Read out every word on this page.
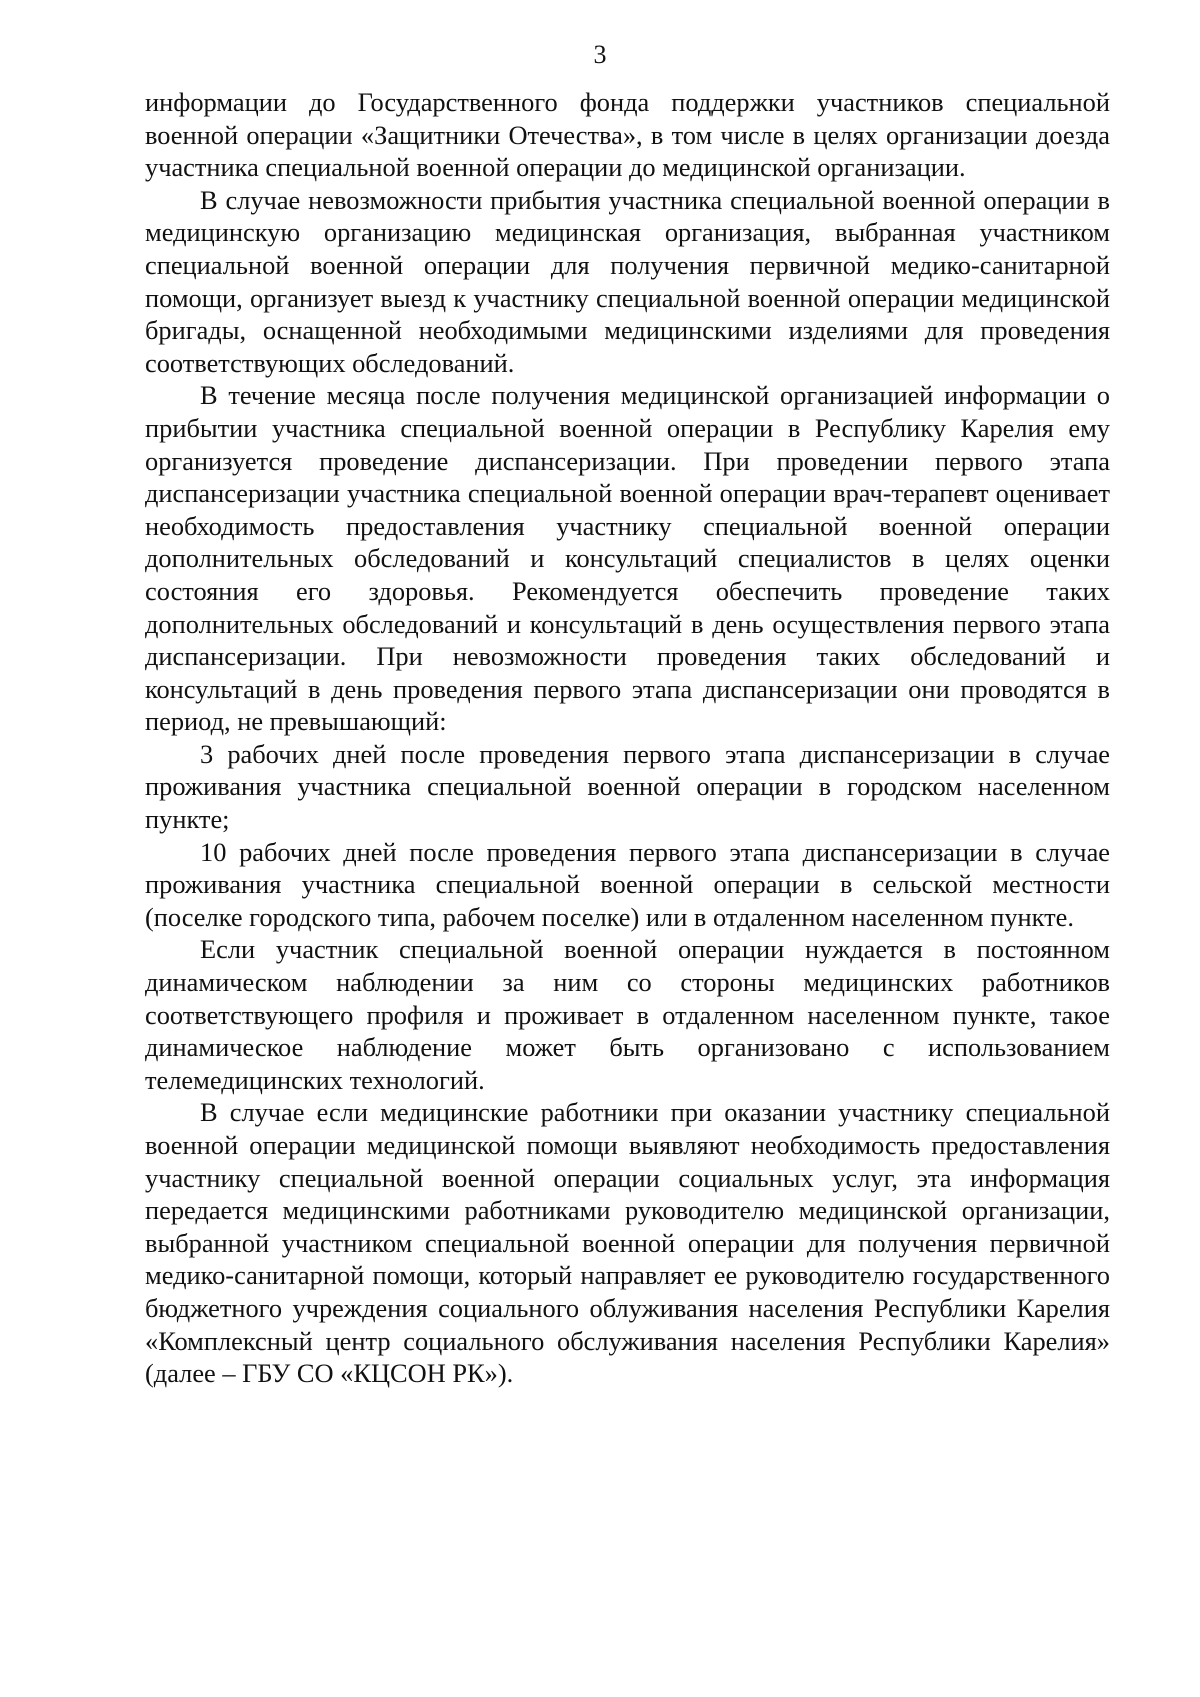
3

информации до Государственного фонда поддержки участников специальной военной операции «Защитники Отечества», в том числе в целях организации доезда участника специальной военной операции до медицинской организации.

В случае невозможности прибытия участника специальной военной операции в медицинскую организацию медицинская организация, выбранная участником специальной военной операции для получения первичной медико-санитарной помощи, организует выезд к участнику специальной военной операции медицинской бригады, оснащенной необходимыми медицинскими изделиями для проведения соответствующих обследований.

В течение месяца после получения медицинской организацией информации о прибытии участника специальной военной операции в Республику Карелия ему организуется проведение диспансеризации. При проведении первого этапа диспансеризации участника специальной военной операции врач-терапевт оценивает необходимость предоставления участнику специальной военной операции дополнительных обследований и консультаций специалистов в целях оценки состояния его здоровья. Рекомендуется обеспечить проведение таких дополнительных обследований и консультаций в день осуществления первого этапа диспансеризации. При невозможности проведения таких обследований и консультаций в день проведения первого этапа диспансеризации они проводятся в период, не превышающий:

3 рабочих дней после проведения первого этапа диспансеризации в случае проживания участника специальной военной операции в городском населенном пункте;

10 рабочих дней после проведения первого этапа диспансеризации в случае проживания участника специальной военной операции в сельской местности (поселке городского типа, рабочем поселке) или в отдаленном населенном пункте.

Если участник специальной военной операции нуждается в постоянном динамическом наблюдении за ним со стороны медицинских работников соответствующего профиля и проживает в отдаленном населенном пункте, такое динамическое наблюдение может быть организовано с использованием телемедицинских технологий.

В случае если медицинские работники при оказании участнику специальной военной операции медицинской помощи выявляют необходимость предоставления участнику специальной военной операции социальных услуг, эта информация передается медицинскими работниками руководителю медицинской организации, выбранной участником специальной военной операции для получения первичной медико-санитарной помощи, который направляет ее руководителю государственного бюджетного учреждения социального облуживания населения Республики Карелия «Комплексный центр социального обслуживания населения Республики Карелия» (далее – ГБУ СО «КЦСОН РК»).
